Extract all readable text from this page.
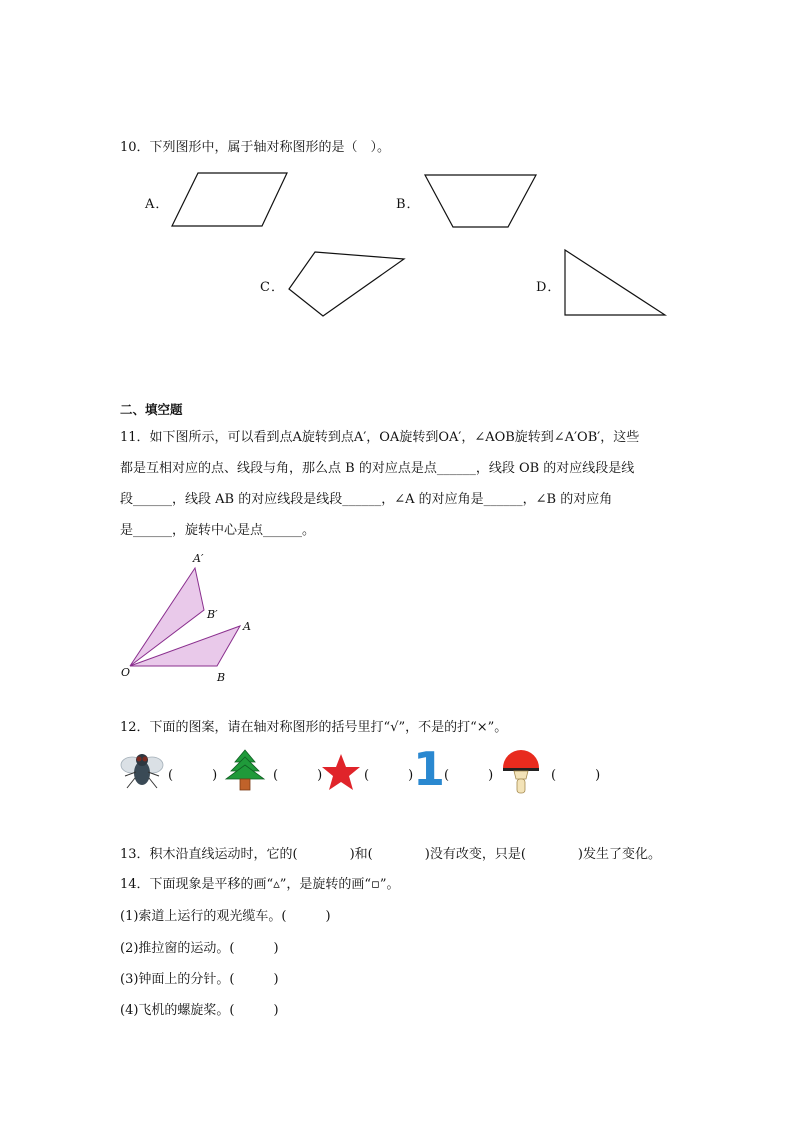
10．下列图形中，属于轴对称图形的是（　）。
A．	B．
C．	D．
二、填空题
11．如下图所示，可以看到点A旋转到点A′，OA旋转到OA′，∠AOB旋转到∠A′OB′，这些
都是互相对应的点、线段与角，那么点 B 的对应点是点______，线段 OB 的对应线段是线
段______，线段 AB 的对应线段是线段______，∠A 的对应角是______，∠B 的对应角
是______，旋转中心是点______。
A′
B′
A
O	B
12．下面的图案，请在轴对称图形的括号里打“√”，不是的打“×”。
(　　　)	(　　　)	(　　　) 1
(　　　)	(　　　)
13．积木沿直线运动时，它的(　　　　)和(　　　　)没有改变，只是(　　　　)发生了变化。
14．下面现象是平移的画“▵”，是旋转的画“▫”。
(1)索道上运行的观光缆车。(　　　)
(2)推拉窗的运动。(　　　)
(3)钟面上的分针。(　　　)
(4)飞机的螺旋桨。(　　　)
